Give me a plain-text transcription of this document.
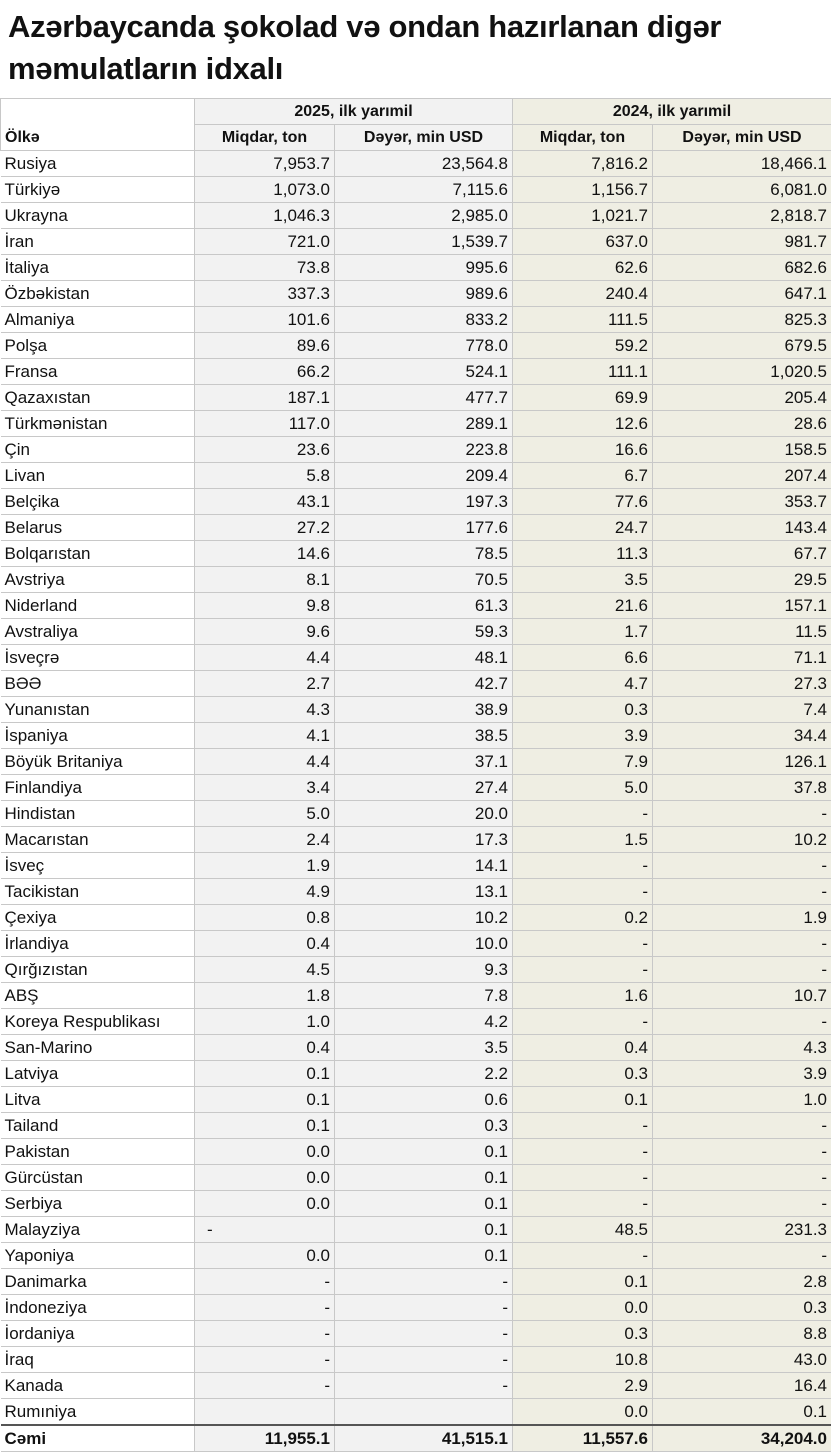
Azərbaycanda şokolad və ondan hazırlanan digər məmulatların idxalı
Ölkə	2025, ilk yarımil		2024, ilk yarımil	
	Miqdar, ton	Dəyər, min USD	Miqdar, ton	Dəyər, min USD
Rusiya	7,953.7	23,564.8	7,816.2	18,466.1
Türkiyə	1,073.0	7,115.6	1,156.7	6,081.0
Ukrayna	1,046.3	2,985.0	1,021.7	2,818.7
İran	721.0	1,539.7	637.0	981.7
İtaliya	73.8	995.6	62.6	682.6
Özbəkistan	337.3	989.6	240.4	647.1
Almaniya	101.6	833.2	111.5	825.3
Polşa	89.6	778.0	59.2	679.5
Fransa	66.2	524.1	111.1	1,020.5
Qazaxıstan	187.1	477.7	69.9	205.4
Türkmənistan	117.0	289.1	12.6	28.6
Çin	23.6	223.8	16.6	158.5
Livan	5.8	209.4	6.7	207.4
Belçika	43.1	197.3	77.6	353.7
Belarus	27.2	177.6	24.7	143.4
Bolqarıstan	14.6	78.5	11.3	67.7
Avstriya	8.1	70.5	3.5	29.5
Niderland	9.8	61.3	21.6	157.1
Avstraliya	9.6	59.3	1.7	11.5
İsveçrə	4.4	48.1	6.6	71.1
BƏƏ	2.7	42.7	4.7	27.3
Yunanıstan	4.3	38.9	0.3	7.4
İspaniya	4.1	38.5	3.9	34.4
Böyük Britaniya	4.4	37.1	7.9	126.1
Finlandiya	3.4	27.4	5.0	37.8
Hindistan	5.0	20.0	-	-
Macarıstan	2.4	17.3	1.5	10.2
İsveç	1.9	14.1	-	-
Tacikistan	4.9	13.1	-	-
Çexiya	0.8	10.2	0.2	1.9
İrlandiya	0.4	10.0	-	-
Qırğızıstan	4.5	9.3	-	-
ABŞ	1.8	7.8	1.6	10.7
Koreya Respublikası	1.0	4.2	-	-
San-Marino	0.4	3.5	0.4	4.3
Latviya	0.1	2.2	0.3	3.9
Litva	0.1	0.6	0.1	1.0
Tailand	0.1	0.3	-	-
Pakistan	0.0	0.1	-	-
Gürcüstan	0.0	0.1	-	-
Serbiya	0.0	0.1	-	-
Malayziya	-	0.1	48.5	231.3
Yaponiya	0.0	0.1	-	-
Danimarka	-	-	0.1	2.8
İndoneziya	-	-	0.0	0.3
İordaniya	-	-	0.3	8.8
İraq	-	-	10.8	43.0
Kanada	-	-	2.9	16.4
Rumıniya			0.0	0.1
Cəmi	11,955.1	41,515.1	11,557.6	34,204.0
